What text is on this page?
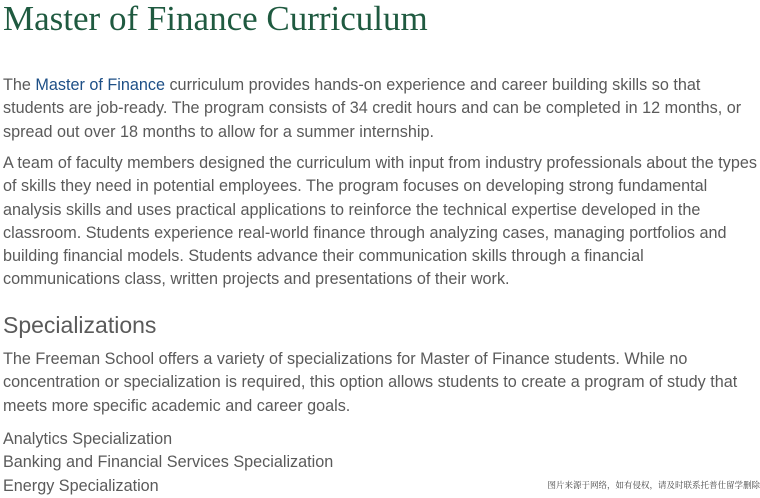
Master of Finance Curriculum

The Master of Finance curriculum provides hands-on experience and career building skills so that students are job-ready. The program consists of 34 credit hours and can be completed in 12 months, or spread out over 18 months to allow for a summer internship.

A team of faculty members designed the curriculum with input from industry professionals about the types of skills they need in potential employees. The program focuses on developing strong fundamental analysis skills and uses practical applications to reinforce the technical expertise developed in the classroom. Students experience real-world finance through analyzing cases, managing portfolios and building financial models. Students advance their communication skills through a financial communications class, written projects and presentations of their work.

Specializations

The Freeman School offers a variety of specializations for Master of Finance students. While no concentration or specialization is required, this option allows students to create a program of study that meets more specific academic and career goals.

Analytics Specialization
Banking and Financial Services Specialization
Energy Specialization	图片来源于网络，如有侵权，请及时联系托普仕留学删除
